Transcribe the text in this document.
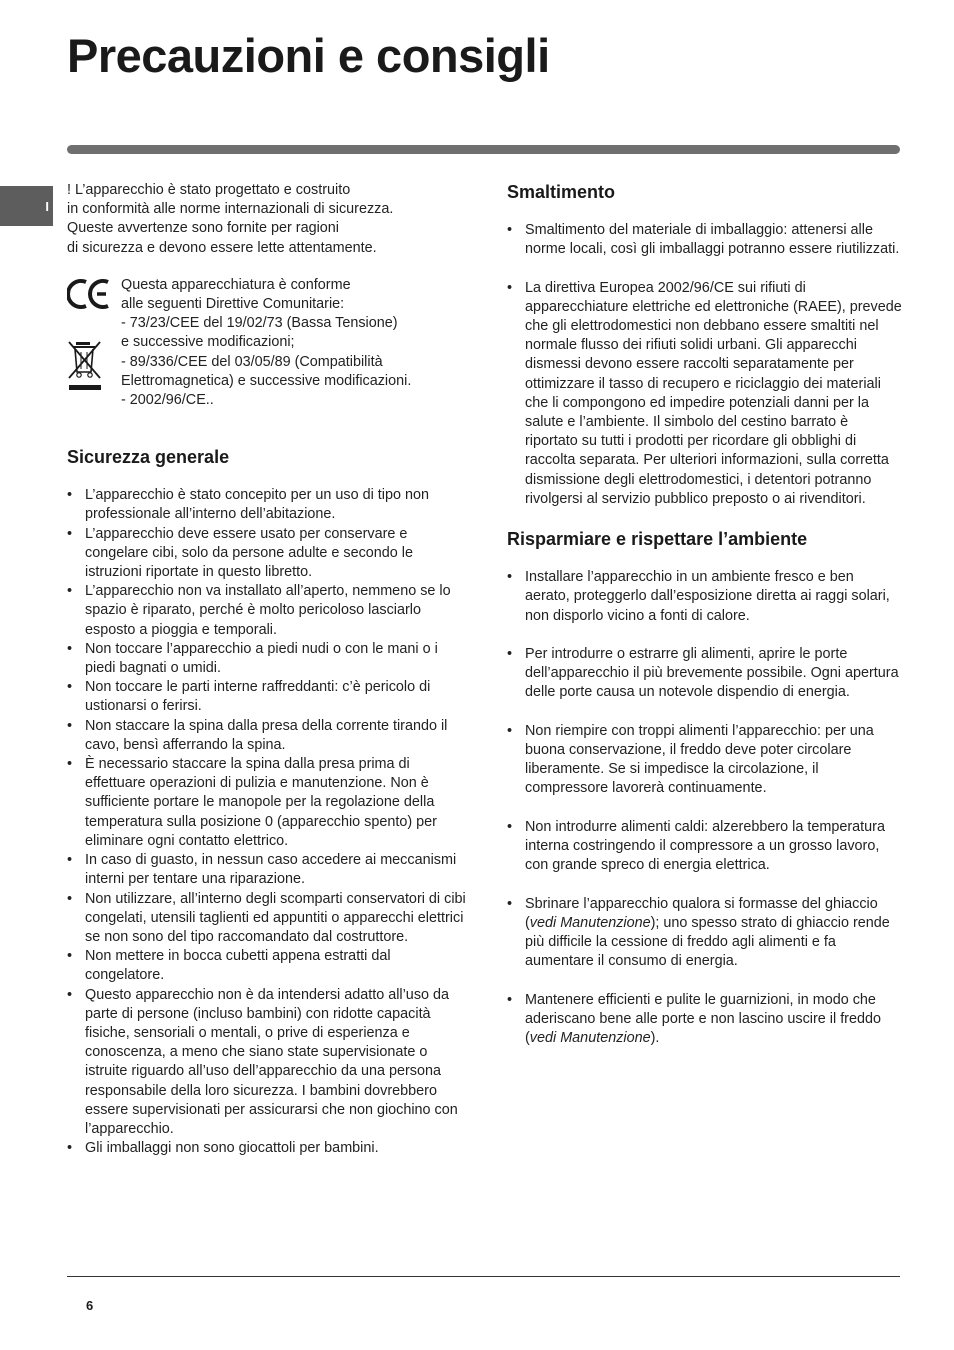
Precauzioni e consigli
I

! L’apparecchio è stato progettato e costruito
in conformità alle norme internazionali di sicurezza.
Queste avvertenze sono fornite per ragioni
di sicurezza e devono essere lette attentamente.

Questa apparecchiatura è conforme
alle seguenti Direttive Comunitarie:
- 73/23/CEE del 19/02/73 (Bassa Tensione)
e successive modificazioni;
- 89/336/CEE del 03/05/89 (Compatibilità
Elettromagnetica) e successive modificazioni.
- 2002/96/CE..

Sicurezza generale
• L’apparecchio è stato concepito per un uso di tipo non professionale all’interno dell’abitazione.
• L’apparecchio deve essere usato per conservare e congelare cibi, solo da persone adulte e secondo le istruzioni riportate in questo libretto.
• L’apparecchio non va installato all’aperto, nemmeno se lo spazio è riparato, perché è molto pericoloso lasciarlo esposto a pioggia e temporali.
• Non toccare l’apparecchio a piedi nudi o con le mani o i piedi bagnati o umidi.
• Non toccare le parti interne raffreddanti: c’è pericolo di ustionarsi o ferirsi.
• Non staccare la spina dalla presa della corrente tirando il cavo, bensì afferrando la spina.
• È necessario staccare la spina dalla presa prima di effettuare operazioni di pulizia e manutenzione. Non è sufficiente portare le manopole per la regolazione della temperatura sulla posizione 0 (apparecchio spento) per eliminare ogni contatto elettrico.
• In caso di guasto, in nessun caso accedere ai meccanismi interni per tentare una riparazione.
• Non utilizzare, all’interno degli scomparti conservatori di cibi congelati, utensili taglienti ed appuntiti o apparecchi elettrici se non sono del tipo raccomandato dal costruttore.
• Non mettere in bocca cubetti appena estratti dal congelatore.
• Questo apparecchio non è da intendersi adatto all’uso da parte di persone (incluso bambini) con ridotte capacità fisiche, sensoriali o mentali, o prive di esperienza e conoscenza, a meno che siano state supervisionate o istruite riguardo all’uso dell’apparecchio da una persona responsabile della loro sicurezza. I bambini dovrebbero essere supervisionati per assicurarsi che non giochino con l’apparecchio.
• Gli imballaggi non sono giocattoli per bambini.
Smaltimento
• Smaltimento del materiale di imballaggio: attenersi alle norme locali, così gli imballaggi potranno essere riutilizzati.
• La direttiva Europea 2002/96/CE sui rifiuti di apparecchiature elettriche ed elettroniche (RAEE), prevede che gli elettrodomestici non debbano essere smaltiti nel normale flusso dei rifiuti solidi urbani. Gli apparecchi dismessi devono essere raccolti separatamente per ottimizzare il tasso di recupero e riciclaggio dei materiali che li compongono ed impedire potenziali danni per la salute e l’ambiente. Il simbolo del cestino barrato è riportato su tutti i prodotti per ricordare gli obblighi di raccolta separata. Per ulteriori informazioni, sulla corretta dismissione degli elettrodomestici, i detentori potranno rivolgersi al servizio pubblico preposto o ai rivenditori.
Risparmiare e rispettare l’ambiente
• Installare l’apparecchio in un ambiente fresco e ben aerato, proteggerlo dall’esposizione diretta ai raggi solari, non disporlo vicino a fonti di calore.
• Per introdurre o estrarre gli alimenti, aprire le porte dell’apparecchio il più brevemente possibile. Ogni apertura delle porte causa un notevole dispendio di energia.
• Non riempire con troppi alimenti l’apparecchio: per una buona conservazione, il freddo deve poter circolare liberamente. Se si impedisce la circolazione, il compressore lavorerà continuamente.
• Non introdurre alimenti caldi: alzerebbero la temperatura interna costringendo il compressore a un grosso lavoro, con grande spreco di energia elettrica.
• Sbrinare l’apparecchio qualora si formasse del ghiaccio (vedi Manutenzione); uno spesso strato di ghiaccio rende più difficile la cessione di freddo agli alimenti e fa aumentare il consumo di energia.
• Mantenere efficienti e pulite le guarnizioni, in modo che aderiscano bene alle porte e non lascino uscire il freddo (vedi Manutenzione).
6
